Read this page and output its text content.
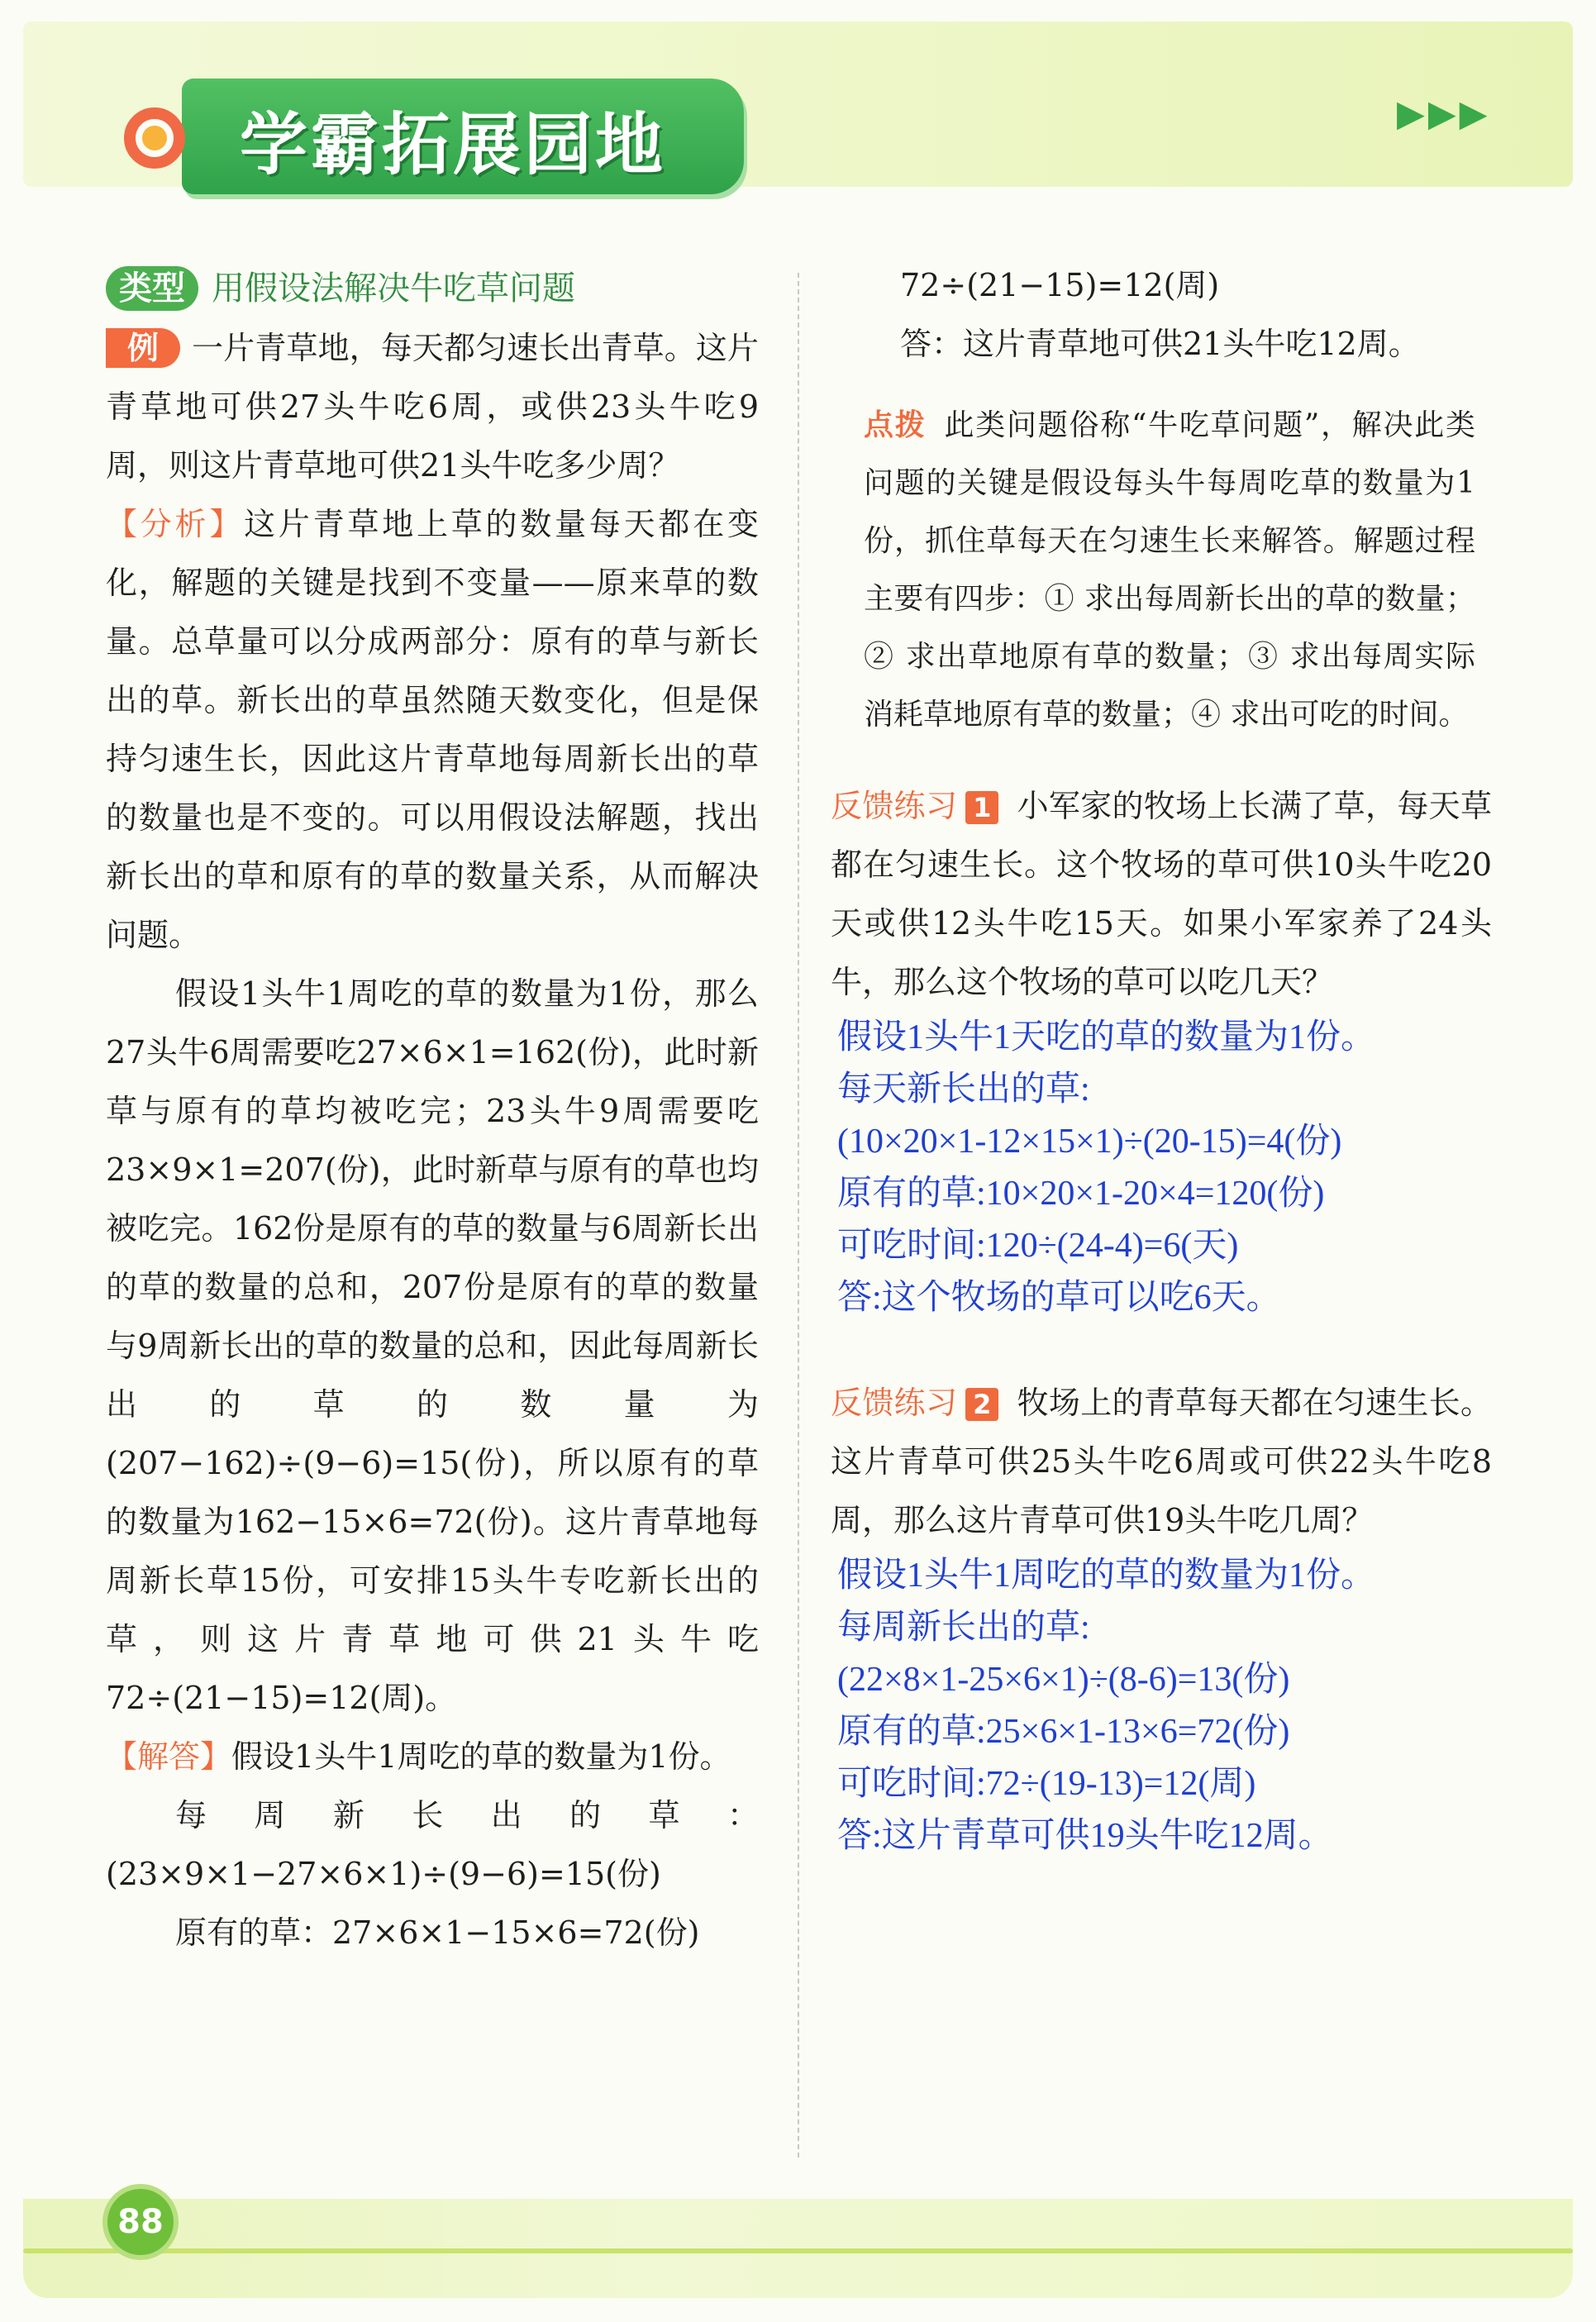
学霸拓展园地	▶▶▶
类型 用假设法解决牛吃草问题

例 一片青草地，每天都匀速长出青草。这片青草地可供27头牛吃6周，或供23头牛吃9周，则这片青草地可供21头牛吃多少周？

【分析】这片青草地上草的数量每天都在变化，解题的关键是找到不变量——原来草的数量。总草量可以分成两部分：原有的草与新长出的草。新长出的草虽然随天数变化，但是保持匀速生长，因此这片青草地每周新长出的草的数量也是不变的。可以用假设法解题，找出新长出的草和原有的草的数量关系，从而解决问题。

假设1头牛1周吃的草的数量为1份，那么27头牛6周需要吃27×6×1=162(份)，此时新草与原有的草均被吃完；23头牛9周需要吃23×9×1=207(份)，此时新草与原有的草也均被吃完。162份是原有的草的数量与6周新长出的草的数量的总和，207份是原有的草的数量与9周新长出的草的数量的总和，因此每周新长出的草的数量为(207−162)÷(9−6)=15(份)，所以原有的草的数量为162−15×6=72(份)。这片青草地每周新长草15份，可安排15头牛专吃新长出的草，则这片青草地可供21头牛吃72÷(21−15)=12(周)。

【解答】假设1头牛1周吃的草的数量为1份。

每周新长出的草：(23×9×1−27×6×1)÷(9−6)=15(份)

原有的草：27×6×1−15×6=72(份)

72÷(21−15)=12(周)

答：这片青草地可供21头牛吃12周。

点拨 此类问题俗称“牛吃草问题”，解决此类问题的关键是假设每头牛每周吃草的数量为1份，抓住草每天在匀速生长来解答。解题过程主要有四步：① 求出每周新长出的草的数量；② 求出草地原有草的数量；③ 求出每周实际消耗草地原有草的数量；④ 求出可吃的时间。

反馈练习 1 小军家的牧场上长满了草，每天草都在匀速生长。这个牧场的草可供10头牛吃20天或供12头牛吃15天。如果小军家养了24头牛，那么这个牧场的草可以吃几天？

假设1头牛1天吃的草的数量为1份。

每天新长出的草:

(10×20×1-12×15×1)÷(20-15)=4(份)

原有的草:10×20×1-20×4=120(份)

可吃时间:120÷(24-4)=6(天)

答:这个牧场的草可以吃6天。

反馈练习 2 牧场上的青草每天都在匀速生长。这片青草可供25头牛吃6周或可供22头牛吃8周，那么这片青草可供19头牛吃几周？

假设1头牛1周吃的草的数量为1份。

每周新长出的草:

(22×8×1-25×6×1)÷(8-6)=13(份)

原有的草:25×6×1-13×6=72(份)

可吃时间:72÷(19-13)=12(周)

答:这片青草可供19头牛吃12周。

88
